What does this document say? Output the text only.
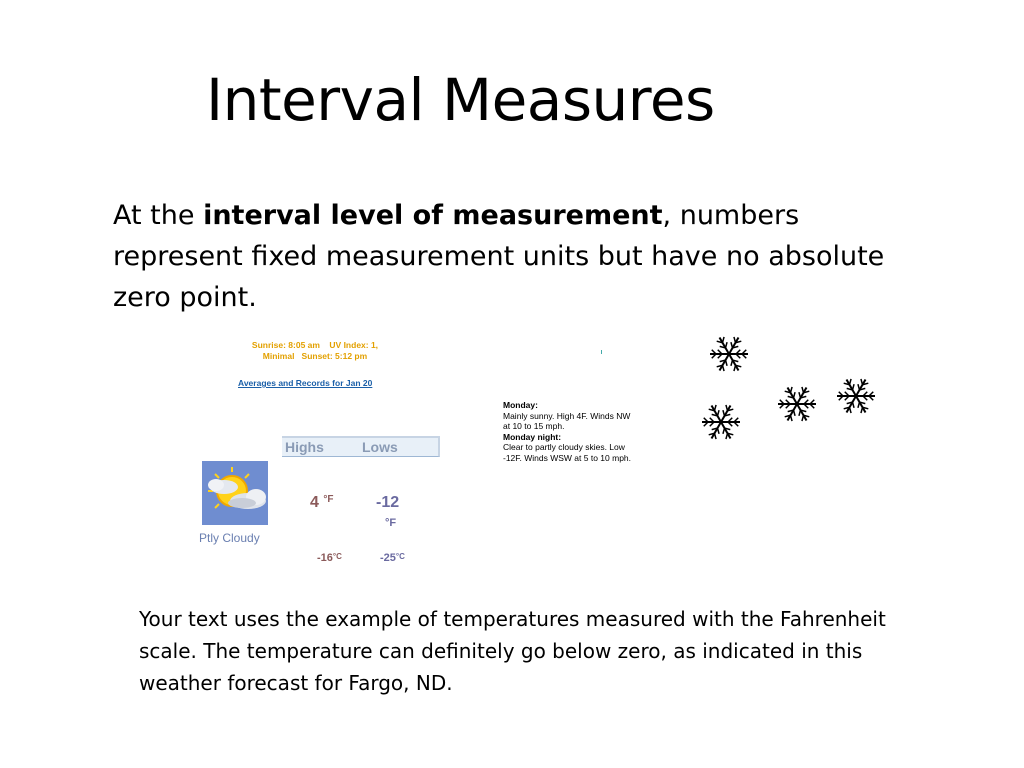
Interval Measures
At the interval level of measurement, numbers represent fixed measurement units but have no absolute zero point.
Sunrise: 8:05 am    UV Index: 1,
Minimal   Sunset: 5:12 pm
Averages and Records for Jan 20
Highs	Lows
Ptly Cloudy
4 $^{^\circ F}$	-12
°F
$-16^{^\circ C}$	$-25^{^\circ C}$
Monday:
Mainly sunny. High 4F. Winds NW at 10 to 15 mph.
Monday night:
Clear to partly cloudy skies. Low -12F. Winds WSW at 5 to 10 mph.
Your text uses the example of temperatures measured with the Fahrenheit scale. The temperature can definitely go below zero, as indicated in this weather forecast for Fargo, ND.
